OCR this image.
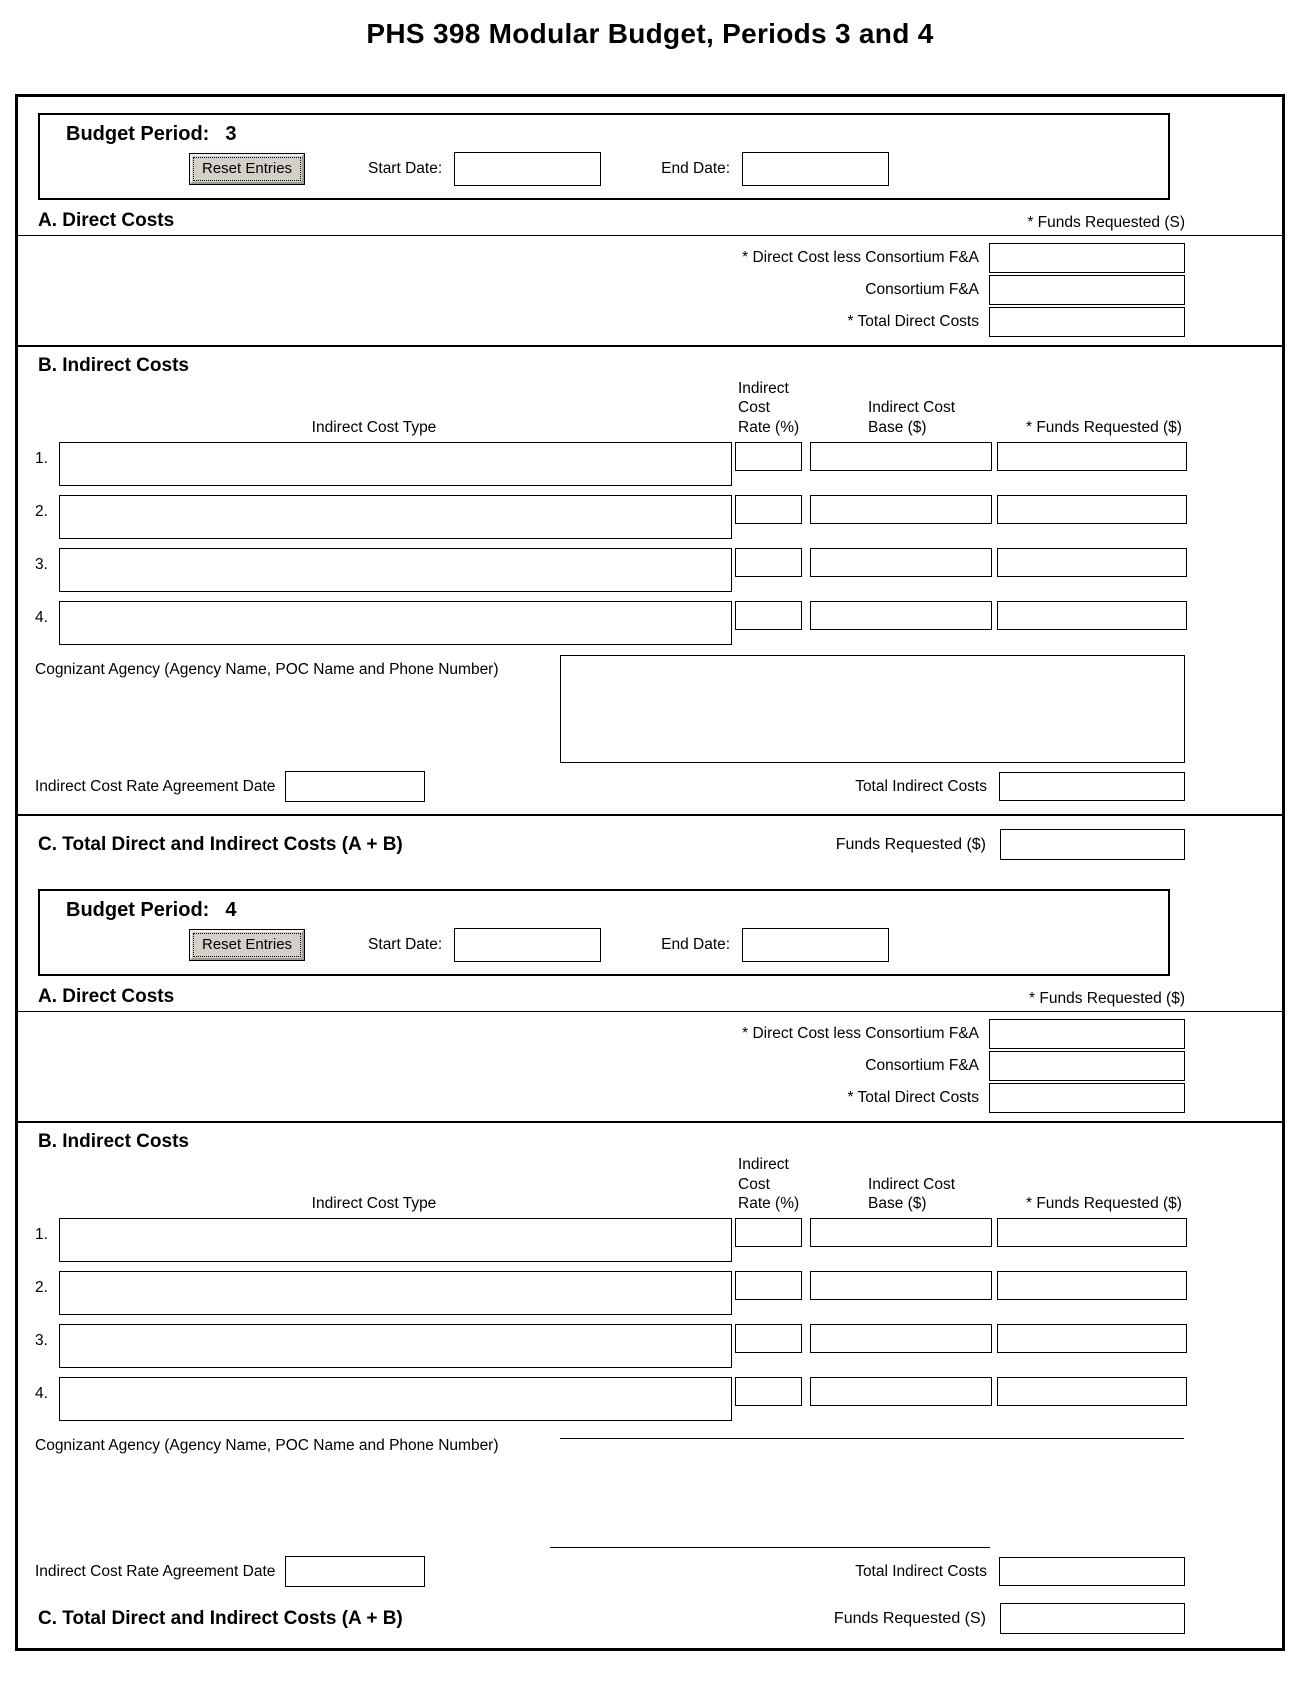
PHS 398 Modular Budget, Periods 3 and 4
Budget Period: 3
Reset Entries	Start Date:	End Date:
A. Direct Costs	* Funds Requested (S)
* Direct Cost less Consortium F&A
Consortium F&A
* Total Direct Costs
B. Indirect Costs
Indirect Cost Type
Indirect Cost
Rate (%)
Indirect Cost
Base ($)	* Funds Requested ($)
1.
2.
3.
4.
Cognizant Agency (Agency Name, POC Name and Phone Number)
Indirect Cost Rate Agreement Date	Total Indirect Costs
C. Total Direct and Indirect Costs (A + B)	Funds Requested ($)
Budget Period: 4
Reset Entries	Start Date:	End Date:
A. Direct Costs	* Funds Requested ($)
* Direct Cost less Consortium F&A
Consortium F&A
* Total Direct Costs
B. Indirect Costs
Indirect Cost Type
Indirect Cost
Rate (%)
Indirect Cost
Base ($)	* Funds Requested ($)
1.
2.
3.
4.
Cognizant Agency (Agency Name, POC Name and Phone Number)
Indirect Cost Rate Agreement Date	Total Indirect Costs
C. Total Direct and Indirect Costs (A + B)	Funds Requested (S)
